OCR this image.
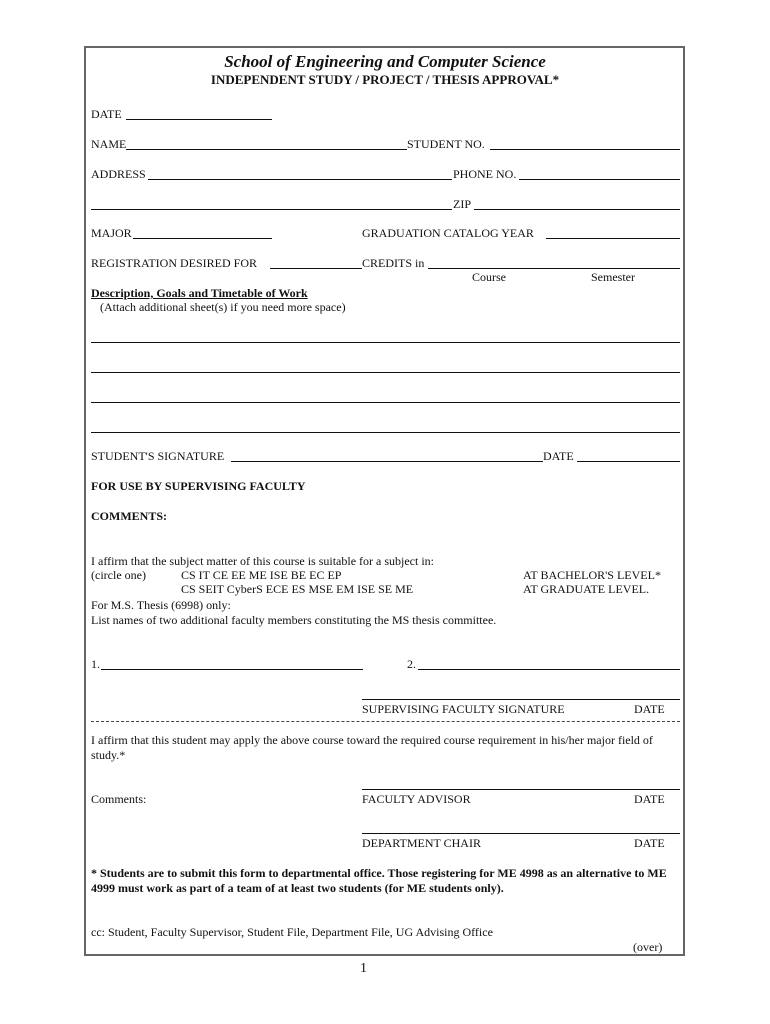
School of Engineering and Computer Science
INDEPENDENT STUDY / PROJECT / THESIS APPROVAL*
DATE
NAME	STUDENT NO.
ADDRESS	PHONE NO.
ZIP
MAJOR	GRADUATION CATALOG YEAR
REGISTRATION DESIRED FOR	CREDITS in
Course	Semester
Description, Goals and Timetable of Work
(Attach additional sheet(s) if you need more space)
STUDENT'S SIGNATURE	DATE
FOR USE BY SUPERVISING FACULTY
COMMENTS:
I affirm that the subject matter of this course is suitable for a subject in:
(circle one)	CS IT CE EE ME ISE BE EC EP	AT BACHELOR'S LEVEL*
CS SEIT CyberS ECE ES MSE EM ISE SE ME	AT GRADUATE LEVEL.
For M.S. Thesis (6998) only:
List names of two additional faculty members constituting the MS thesis committee.
1.	2.
SUPERVISING FACULTY SIGNATURE	DATE
I affirm that this student may apply the above course toward the required course requirement in his/her major field of study.*
Comments:	FACULTY ADVISOR	DATE
DEPARTMENT CHAIR	DATE
* Students are to submit this form to departmental office. Those registering for ME 4998 as an alternative to ME 4999 must work as part of a team of at least two students (for ME students only).
cc: Student, Faculty Supervisor, Student File, Department File, UG Advising Office
(over)
1
